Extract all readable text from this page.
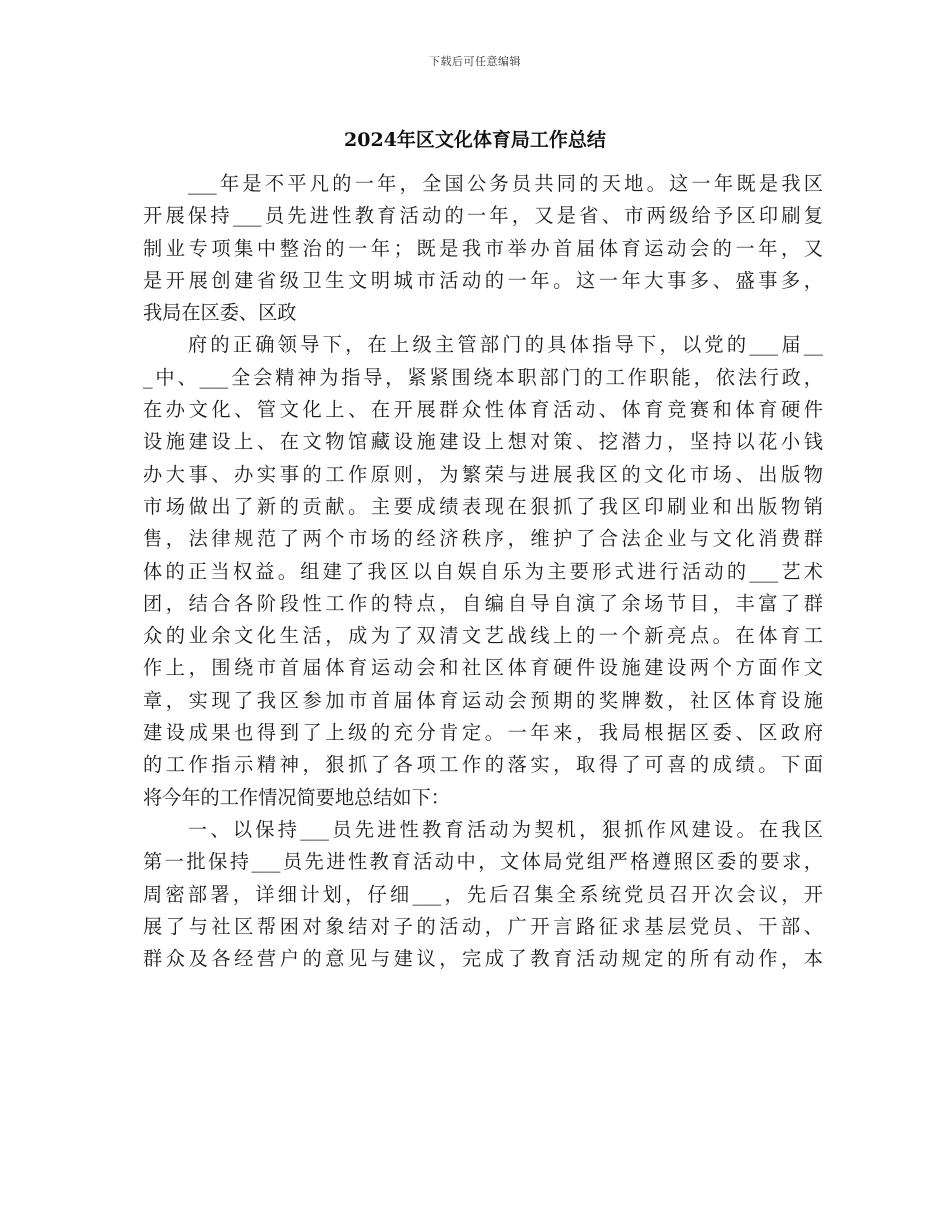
下载后可任意编辑
2024年区文化体育局工作总结
　　___年是不平凡的一年，全国公务员共同的天地。这一年既是我区
开展保持___员先进性教育活动的一年，又是省、市两级给予区印刷复
制业专项集中整治的一年；既是我市举办首届体育运动会的一年，又
是开展创建省级卫生文明城市活动的一年。这一年大事多、盛事多，
我局在区委、区政
　　府的正确领导下，在上级主管部门的具体指导下，以党的___届__
_中、___全会精神为指导，紧紧围绕本职部门的工作职能，依法行政，
在办文化、管文化上、在开展群众性体育活动、体育竞赛和体育硬件
设施建设上、在文物馆藏设施建设上想对策、挖潜力，坚持以花小钱
办大事、办实事的工作原则，为繁荣与进展我区的文化市场、出版物
市场做出了新的贡献。主要成绩表现在狠抓了我区印刷业和出版物销
售，法律规范了两个市场的经济秩序，维护了合法企业与文化消费群
体的正当权益。组建了我区以自娱自乐为主要形式进行活动的___艺术
团，结合各阶段性工作的特点，自编自导自演了余场节目，丰富了群
众的业余文化生活，成为了双清文艺战线上的一个新亮点。在体育工
作上，围绕市首届体育运动会和社区体育硬件设施建设两个方面作文
章，实现了我区参加市首届体育运动会预期的奖牌数，社区体育设施
建设成果也得到了上级的充分肯定。一年来，我局根据区委、区政府
的工作指示精神，狠抓了各项工作的落实，取得了可喜的成绩。下面
将今年的工作情况简要地总结如下：
　　一、以保持___员先进性教育活动为契机，狠抓作风建设。在我区
第一批保持___员先进性教育活动中，文体局党组严格遵照区委的要求，
周密部署，详细计划，仔细___，先后召集全系统党员召开次会议，开
展了与社区帮困对象结对子的活动，广开言路征求基层党员、干部、
群众及各经营户的意见与建议，完成了教育活动规定的所有动作，本
